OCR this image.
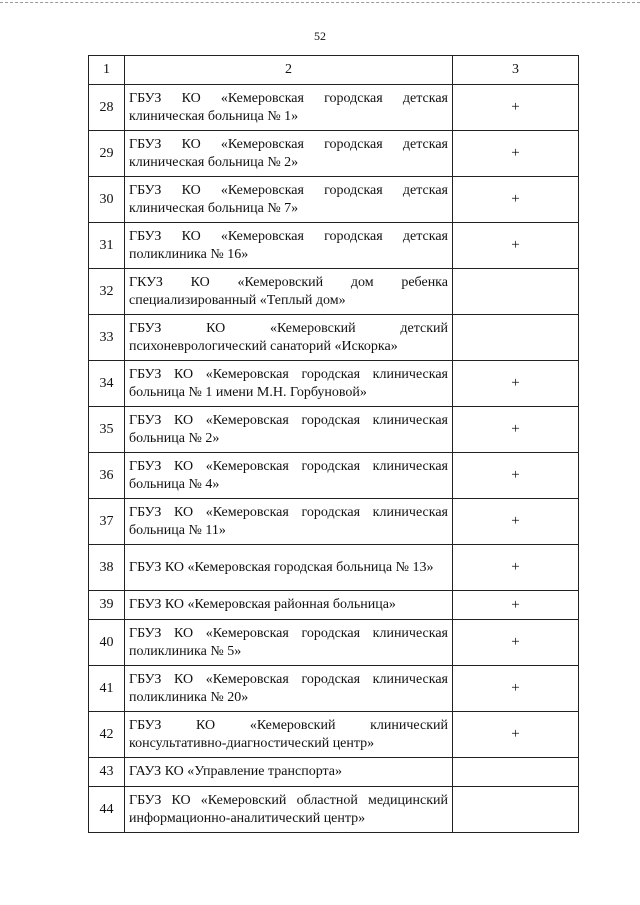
52
1	2	3
28	ГБУЗ КО «Кемеровская городская детская клиническая больница № 1»	+
29	ГБУЗ КО «Кемеровская городская детская клиническая больница № 2»	+
30	ГБУЗ КО «Кемеровская городская детская клиническая больница № 7»	+
31	ГБУЗ КО «Кемеровская городская детская поликлиника № 16»	+
32	ГКУЗ КО «Кемеровский дом ребенка специализированный «Теплый дом»	
33	ГБУЗ КО «Кемеровский детский психоневрологический санаторий «Искорка»	
34	ГБУЗ КО «Кемеровская городская клиническая больница № 1 имени М.Н. Горбуновой»	+
35	ГБУЗ КО «Кемеровская городская клиническая больница № 2»	+
36	ГБУЗ КО «Кемеровская городская клиническая больница № 4»	+
37	ГБУЗ КО «Кемеровская городская клиническая больница № 11»	+
38	ГБУЗ КО «Кемеровская городская больница № 13»	+
39	ГБУЗ КО «Кемеровская районная больница»	+
40	ГБУЗ КО «Кемеровская городская клиническая поликлиника № 5»	+
41	ГБУЗ КО «Кемеровская городская клиническая поликлиника № 20»	+
42	ГБУЗ КО «Кемеровский клинический консультативно-диагностический центр»	+
43	ГАУЗ КО «Управление транспорта»	
44	ГБУЗ КО «Кемеровский областной медицинский информационно-аналитический центр»	
